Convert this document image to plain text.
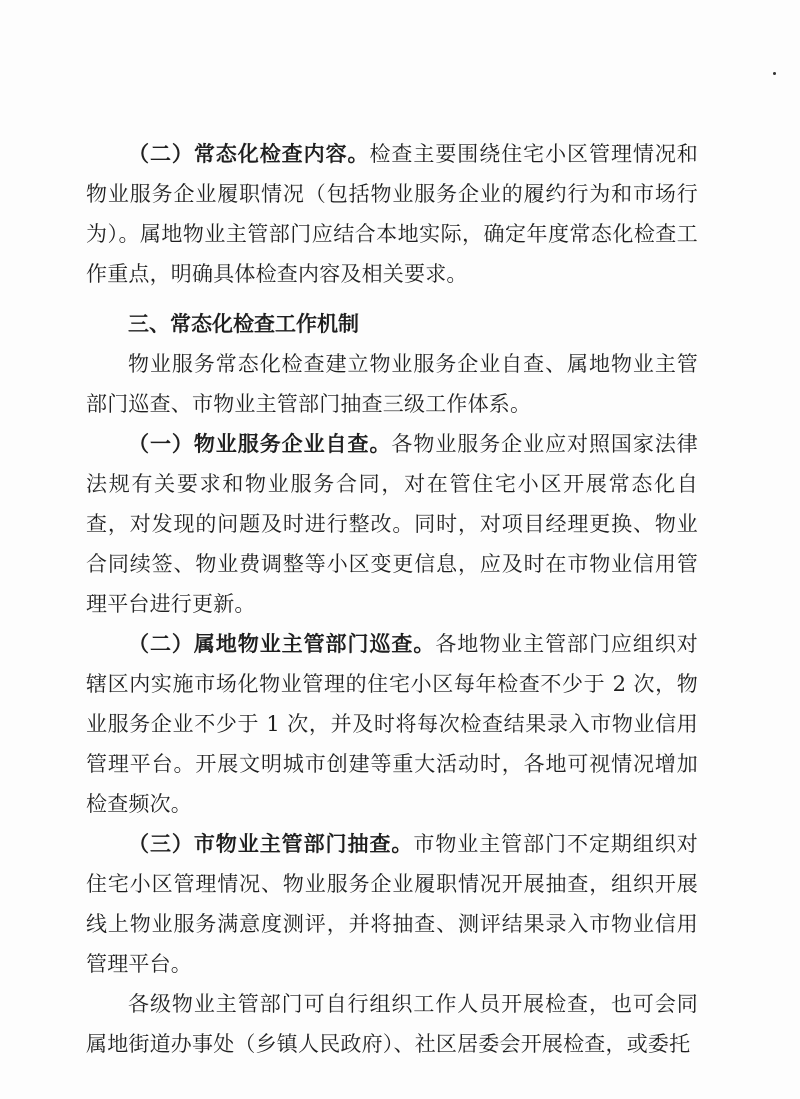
（二）常态化检查内容。检查主要围绕住宅小区管理情况和物业服务企业履职情况（包括物业服务企业的履约行为和市场行为）。属地物业主管部门应结合本地实际，确定年度常态化检查工作重点，明确具体检查内容及相关要求。

三、常态化检查工作机制

物业服务常态化检查建立物业服务企业自查、属地物业主管部门巡查、市物业主管部门抽查三级工作体系。

（一）物业服务企业自查。各物业服务企业应对照国家法律法规有关要求和物业服务合同，对在管住宅小区开展常态化自查，对发现的问题及时进行整改。同时，对项目经理更换、物业合同续签、物业费调整等小区变更信息，应及时在市物业信用管理平台进行更新。

（二）属地物业主管部门巡查。各地物业主管部门应组织对辖区内实施市场化物业管理的住宅小区每年检查不少于 2 次，物业服务企业不少于 1 次，并及时将每次检查结果录入市物业信用管理平台。开展文明城市创建等重大活动时，各地可视情况增加检查频次。

（三）市物业主管部门抽查。市物业主管部门不定期组织对住宅小区管理情况、物业服务企业履职情况开展抽查，组织开展线上物业服务满意度测评，并将抽查、测评结果录入市物业信用管理平台。

各级物业主管部门可自行组织工作人员开展检查，也可会同属地街道办事处（乡镇人民政府）、社区居委会开展检查，或委托
